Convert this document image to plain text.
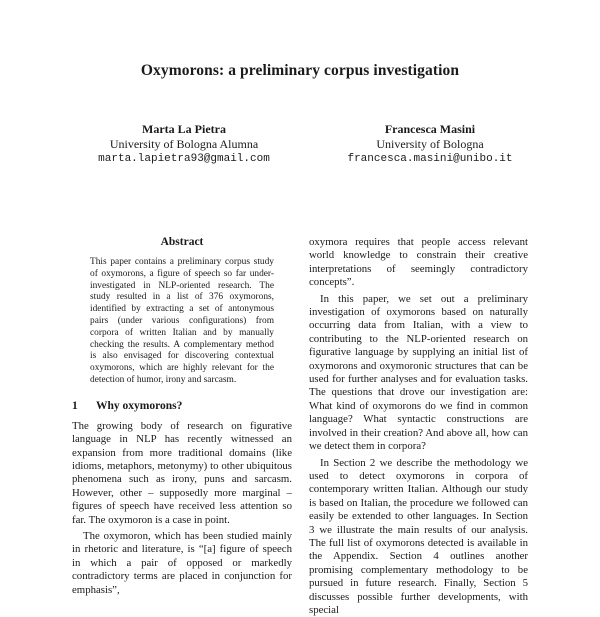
Oxymorons: a preliminary corpus investigation
Marta La Pietra
University of Bologna Alumna
marta.lapietra93@gmail.com
Francesca Masini
University of Bologna
francesca.masini@unibo.it
Abstract

This paper contains a preliminary corpus study of oxymorons, a figure of speech so far under-investigated in NLP-oriented research. The study resulted in a list of 376 oxymorons, identified by extracting a set of antonymous pairs (under various configurations) from corpora of written Italian and by manually checking the results. A complementary method is also envisaged for discovering contextual oxymorons, which are highly relevant for the detection of humor, irony and sarcasm.

1	Why oxymorons?

The growing body of research on figurative language in NLP has recently witnessed an expansion from more traditional domains (like idioms, metaphors, metonymy) to other ubiquitous phenomena such as irony, puns and sarcasm. However, other – supposedly more marginal – figures of speech have received less attention so far. The oxymoron is a case in point.

The oxymoron, which has been studied mainly in rhetoric and literature, is “[a] figure of speech in which a pair of opposed or markedly contradictory terms are placed in conjunction for emphasis”,

oxymora requires that people access relevant world knowledge to constrain their creative interpretations of seemingly contradictory concepts”.

In this paper, we set out a preliminary investigation of oxymorons based on naturally occurring data from Italian, with a view to contributing to the NLP-oriented research on figurative language by supplying an initial list of oxymorons and oxymoronic structures that can be used for further analyses and for evaluation tasks. The questions that drove our investigation are: What kind of oxymorons do we find in common language? What syntactic constructions are involved in their creation? And above all, how can we detect them in corpora?

In Section 2 we describe the methodology we used to detect oxymorons in corpora of contemporary written Italian. Although our study is based on Italian, the procedure we followed can easily be extended to other languages. In Section 3 we illustrate the main results of our analysis. The full list of oxymorons detected is available in the Appendix. Section 4 outlines another promising complementary methodology to be pursued in future research. Finally, Section 5 discusses possible further developments, with special
